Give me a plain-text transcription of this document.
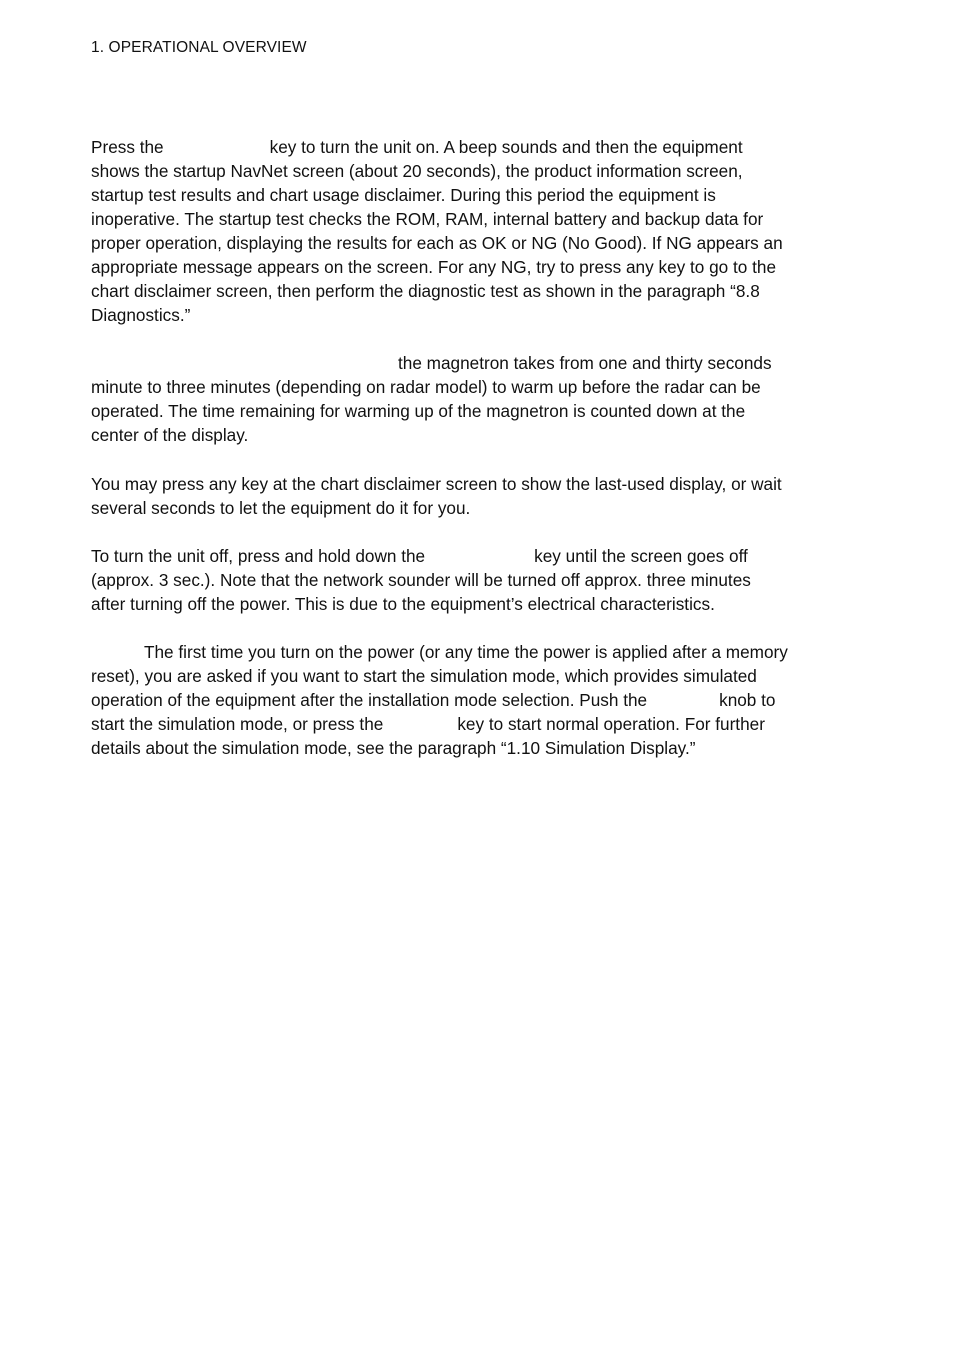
1. OPERATIONAL OVERVIEW
Press the	key to turn the unit on. A beep sounds and then the equipment
shows the startup NavNet screen (about 20 seconds), the product information screen,
startup test results and chart usage disclaimer. During this period the equipment is
inoperative. The startup test checks the ROM, RAM, internal battery and backup data for
proper operation, displaying the results for each as OK or NG (No Good). If NG appears an
appropriate message appears on the screen. For any NG, try to press any key to go to the
chart disclaimer screen, then perform the diagnostic test as shown in the paragraph “8.8
Diagnostics.”
the magnetron takes from one and thirty seconds
minute to three minutes (depending on radar model) to warm up before the radar can be
operated. The time remaining for warming up of the magnetron is counted down at the
center of the display.
You may press any key at the chart disclaimer screen to show the last-used display, or wait
several seconds to let the equipment do it for you.
To turn the unit off, press and hold down the	key until the screen goes off
(approx. 3 sec.). Note that the network sounder will be turned off approx. three minutes
after turning off the power. This is due to the equipment’s electrical characteristics.
The first time you turn on the power (or any time the power is applied after a memory
reset), you are asked if you want to start the simulation mode, which provides simulated
operation of the equipment after the installation mode selection. Push the	knob to
start the simulation mode, or press the	key to start normal operation. For further
details about the simulation mode, see the paragraph “1.10 Simulation Display.”
